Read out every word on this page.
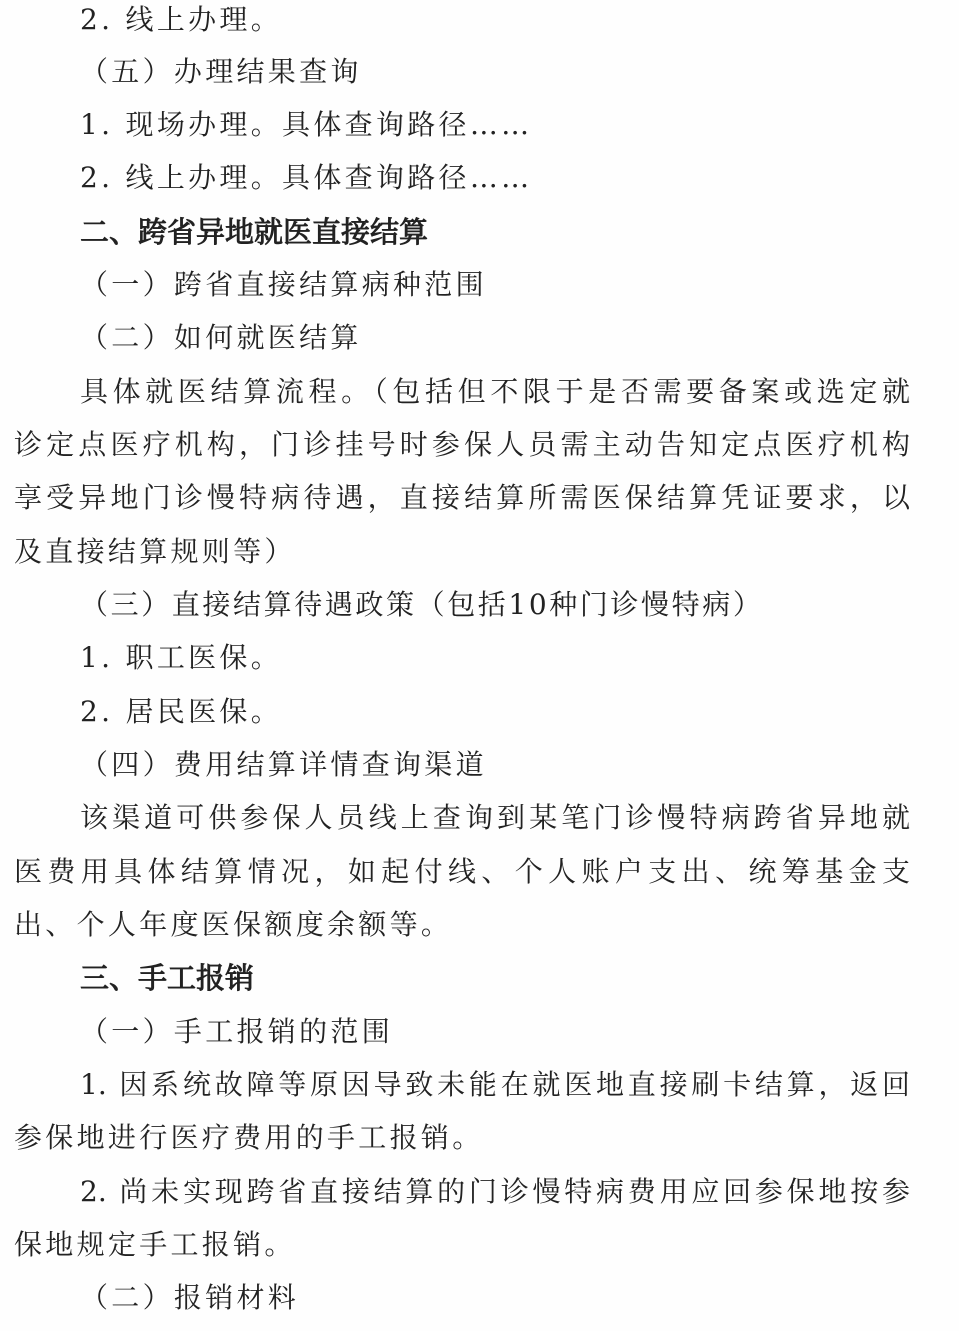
2. 线上办理。

（五）办理结果查询

1. 现场办理。具体查询路径……

2. 线上办理。具体查询路径……

二、跨省异地就医直接结算

（一）跨省直接结算病种范围

（二）如何就医结算

具体就医结算流程。（包括但不限于是否需要备案或选定就

诊定点医疗机构，门诊挂号时参保人员需主动告知定点医疗机构

享受异地门诊慢特病待遇，直接结算所需医保结算凭证要求，以

及直接结算规则等）

（三）直接结算待遇政策（包括10种门诊慢特病）

1. 职工医保。

2. 居民医保。

（四）费用结算详情查询渠道

该渠道可供参保人员线上查询到某笔门诊慢特病跨省异地就

医费用具体结算情况，如起付线、个人账户支出、统筹基金支

出、个人年度医保额度余额等。

三、手工报销

（一）手工报销的范围

1. 因系统故障等原因导致未能在就医地直接刷卡结算，返回

参保地进行医疗费用的手工报销。

2. 尚未实现跨省直接结算的门诊慢特病费用应回参保地按参

保地规定手工报销。

（二）报销材料
